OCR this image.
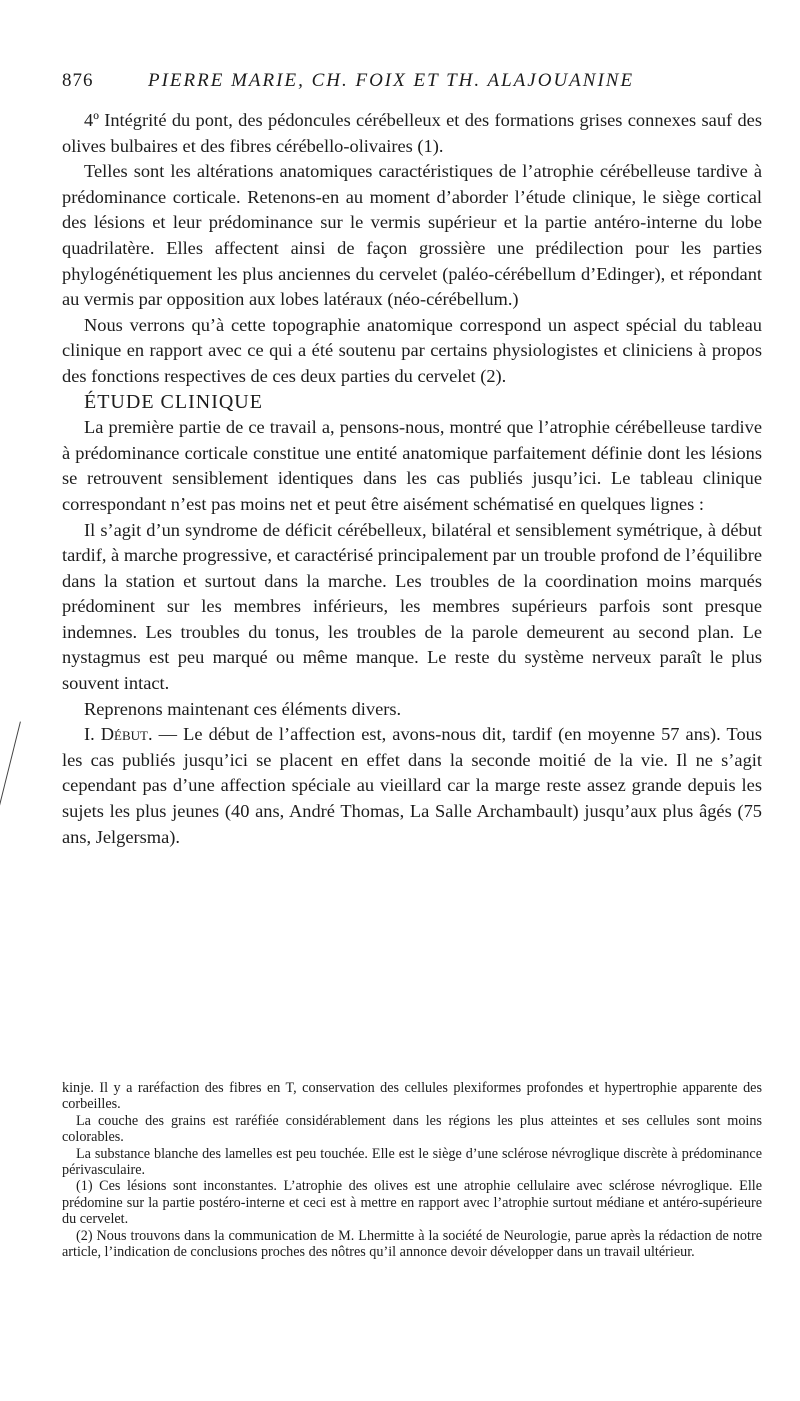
876	PIERRE MARIE, CH. FOIX ET TH. ALAJOUANINE

4º Intégrité du pont, des pédoncules cérébelleux et des formations grises connexes sauf des olives bulbaires et des fibres cérébello-olivaires (1).

Telles sont les altérations anatomiques caractéristiques de l’atrophie cérébelleuse tardive à prédominance corticale. Retenons-en au moment d’aborder l’étude clinique, le siège cortical des lésions et leur prédominance sur le vermis supérieur et la partie antéro-interne du lobe quadrilatère. Elles affectent ainsi de façon grossière une prédilection pour les parties phylogénétiquement les plus anciennes du cervelet (paléo-cérébellum d’Edinger), et répondant au vermis par opposition aux lobes latéraux (néo-cérébellum.)

Nous verrons qu’à cette topographie anatomique correspond un aspect spécial du tableau clinique en rapport avec ce qui a été soutenu par certains physiologistes et cliniciens à propos des fonctions respectives de ces deux parties du cervelet (2).

ÉTUDE CLINIQUE

La première partie de ce travail a, pensons-nous, montré que l’atrophie cérébelleuse tardive à prédominance corticale constitue une entité anatomique parfaitement définie dont les lésions se retrouvent sensiblement identiques dans les cas publiés jusqu’ici. Le tableau clinique correspondant n’est pas moins net et peut être aisément schématisé en quelques lignes :

Il s’agit d’un syndrome de déficit cérébelleux, bilatéral et sensiblement symétrique, à début tardif, à marche progressive, et caractérisé principalement par un trouble profond de l’équilibre dans la station et surtout dans la marche. Les troubles de la coordination moins marqués prédominent sur les membres inférieurs, les membres supérieurs parfois sont presque indemnes. Les troubles du tonus, les troubles de la parole demeurent au second plan. Le nystagmus est peu marqué ou même manque. Le reste du système nerveux paraît le plus souvent intact.

Reprenons maintenant ces éléments divers.

I. Début. — Le début de l’affection est, avons-nous dit, tardif (en moyenne 57 ans). Tous les cas publiés jusqu’ici se placent en effet dans la seconde moitié de la vie. Il ne s’agit cependant pas d’une affection spéciale au vieillard car la marge reste assez grande depuis les sujets les plus jeunes (40 ans, André Thomas, La Salle Archambault) jusqu’aux plus âgés (75 ans, Jelgersma).

kinje. Il y a raréfaction des fibres en T, conservation des cellules plexiformes profondes et hypertrophie apparente des corbeilles.

La couche des grains est raréfiée considérablement dans les régions les plus atteintes et ses cellules sont moins colorables.

La substance blanche des lamelles est peu touchée. Elle est le siège d’une sclérose névroglique discrète à prédominance périvasculaire.

(1) Ces lésions sont inconstantes. L’atrophie des olives est une atrophie cellulaire avec sclérose névroglique. Elle prédomine sur la partie postéro-interne et ceci est à mettre en rapport avec l’atrophie surtout médiane et antéro-supérieure du cervelet.

(2) Nous trouvons dans la communication de M. Lhermitte à la société de Neurologie, parue après la rédaction de notre article, l’indication de conclusions proches des nôtres qu’il annonce devoir développer dans un travail ultérieur.
